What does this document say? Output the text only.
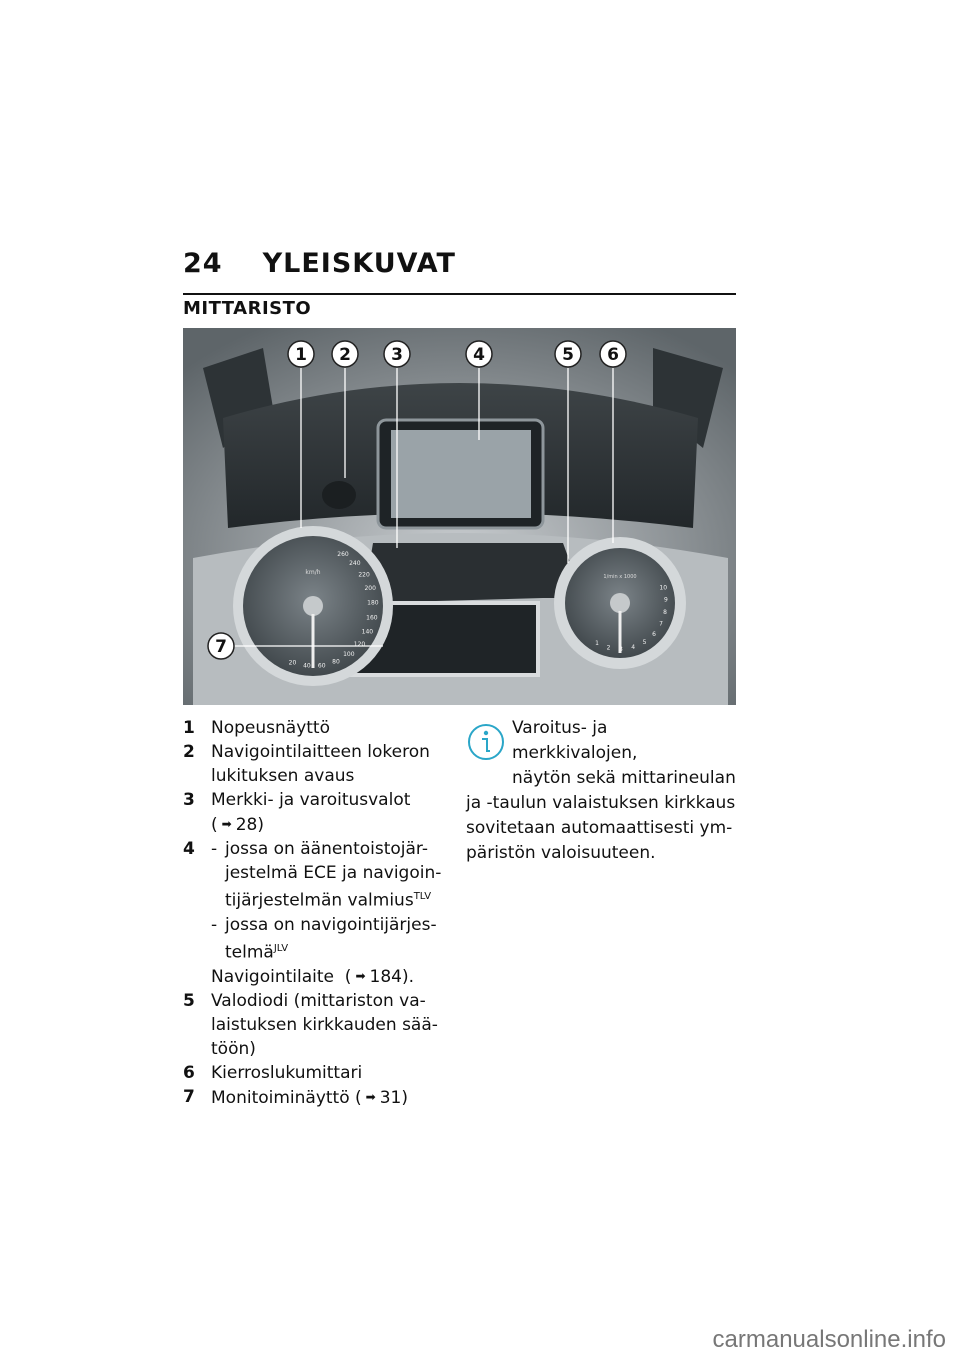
24 YLEISKUVAT
MITTARISTO
km/h
20 40 60
80
100
120
140
160
180
200
220
240
260
1/min x 1000
1
2 3 4
5
6
7
8
9
10
1 2 3	4	5 6
7
1 Nopeusnäyttö
2 Navigointilaitteen lokeron
lukituksen avaus
3 Merkki- ja varoitusvalot
( ➡ 28)
4 - jossa on äänentoistojär-
jestelmä ECE ja navigoin-
tijärjestelmän valmius$^{TLV}$
- jossa on navigointijärjes-
telmä$^{JLV}$
Navigointilaite ( ➡ 184).
5 Valodiodi (mittariston va-
laistuksen kirkkauden sää-
töön)
6 Kierroslukumittari
7 Monitoiminäyttö ( ➡ 31)
Varoitus- ja merkkivalojen,
näytön sekä mittarineulan
ja -taulun valaistuksen kirkkaus
sovitetaan automaattisesti ym-
päristön valoisuuteen.
carmanualsonline.info
